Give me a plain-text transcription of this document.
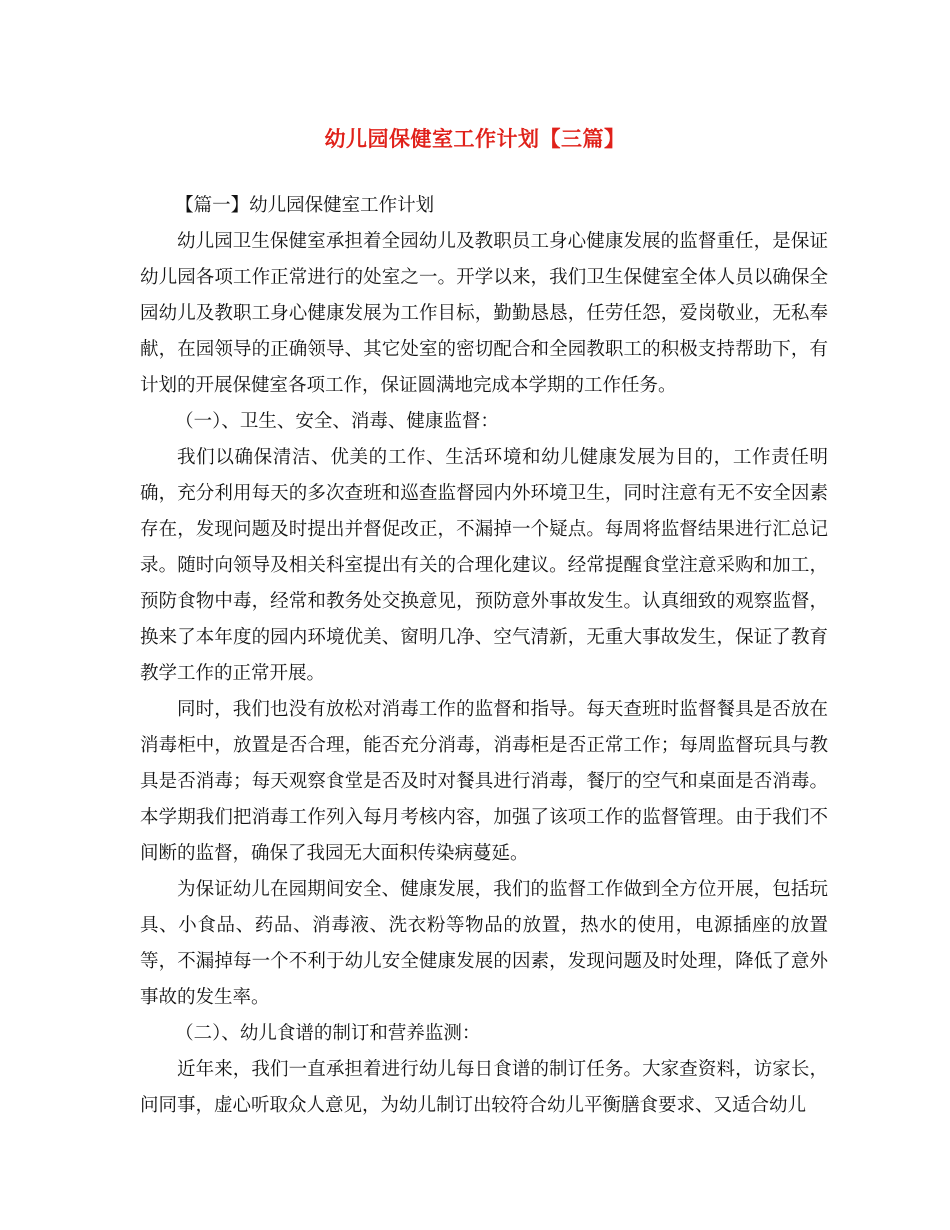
幼儿园保健室工作计划【三篇】

【篇一】幼儿园保健室工作计划

幼儿园卫生保健室承担着全园幼儿及教职员工身心健康发展的监督重任，是保证幼儿园各项工作正常进行的处室之一。开学以来，我们卫生保健室全体人员以确保全园幼儿及教职工身心健康发展为工作目标，勤勤恳恳，任劳任怨，爱岗敬业，无私奉献，在园领导的正确领导、其它处室的密切配合和全园教职工的积极支持帮助下，有计划的开展保健室各项工作，保证圆满地完成本学期的工作任务。

（一）、卫生、安全、消毒、健康监督：

我们以确保清洁、优美的工作、生活环境和幼儿健康发展为目的，工作责任明确，充分利用每天的多次查班和巡查监督园内外环境卫生，同时注意有无不安全因素存在，发现问题及时提出并督促改正，不漏掉一个疑点。每周将监督结果进行汇总记录。随时向领导及相关科室提出有关的合理化建议。经常提醒食堂注意采购和加工，预防食物中毒，经常和教务处交换意见，预防意外事故发生。认真细致的观察监督，换来了本年度的园内环境优美、窗明几净、空气清新，无重大事故发生，保证了教育教学工作的正常开展。

同时，我们也没有放松对消毒工作的监督和指导。每天查班时监督餐具是否放在消毒柜中，放置是否合理，能否充分消毒，消毒柜是否正常工作；每周监督玩具与教具是否消毒；每天观察食堂是否及时对餐具进行消毒，餐厅的空气和桌面是否消毒。本学期我们把消毒工作列入每月考核内容，加强了该项工作的监督管理。由于我们不间断的监督，确保了我园无大面积传染病蔓延。

为保证幼儿在园期间安全、健康发展，我们的监督工作做到全方位开展，包括玩具、小食品、药品、消毒液、洗衣粉等物品的放置，热水的使用，电源插座的放置等，不漏掉每一个不利于幼儿安全健康发展的因素，发现问题及时处理，降低了意外事故的发生率。

（二）、幼儿食谱的制订和营养监测：

近年来，我们一直承担着进行幼儿每日食谱的制订任务。大家查资料，访家长，问同事，虚心听取众人意见，为幼儿制订出较符合幼儿平衡膳食要求、又适合幼儿
